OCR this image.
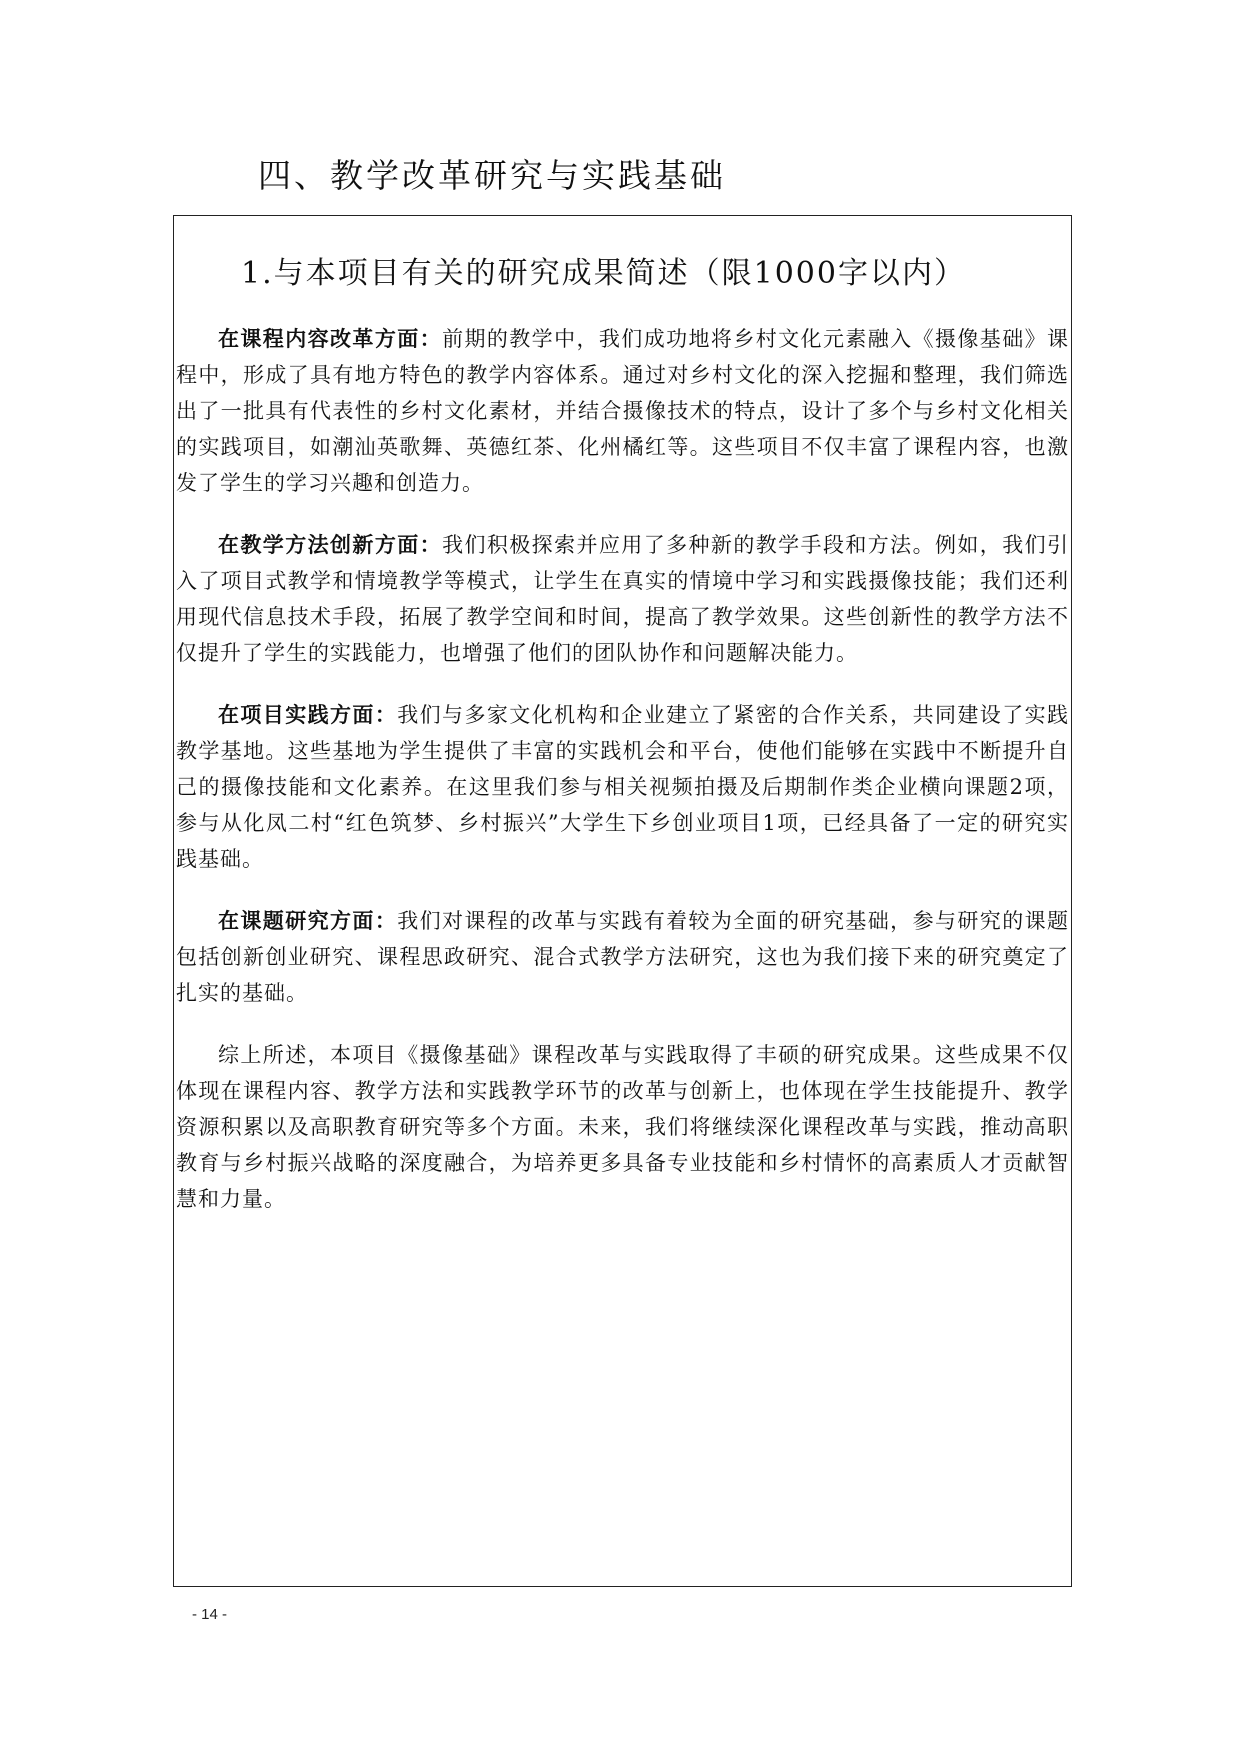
四、教学改革研究与实践基础
1.与本项目有关的研究成果简述（限1000字以内）

在课程内容改革方面：前期的教学中，我们成功地将乡村文化元素融入《摄像基础》课程中，形成了具有地方特色的教学内容体系。通过对乡村文化的深入挖掘和整理，我们筛选出了一批具有代表性的乡村文化素材，并结合摄像技术的特点，设计了多个与乡村文化相关的实践项目，如潮汕英歌舞、英德红茶、化州橘红等。这些项目不仅丰富了课程内容，也激发了学生的学习兴趣和创造力。

在教学方法创新方面：我们积极探索并应用了多种新的教学手段和方法。例如，我们引入了项目式教学和情境教学等模式，让学生在真实的情境中学习和实践摄像技能；我们还利用现代信息技术手段，拓展了教学空间和时间，提高了教学效果。这些创新性的教学方法不仅提升了学生的实践能力，也增强了他们的团队协作和问题解决能力。

在项目实践方面：我们与多家文化机构和企业建立了紧密的合作关系，共同建设了实践教学基地。这些基地为学生提供了丰富的实践机会和平台，使他们能够在实践中不断提升自己的摄像技能和文化素养。在这里我们参与相关视频拍摄及后期制作类企业横向课题2项，参与从化凤二村“红色筑梦、乡村振兴”大学生下乡创业项目1项，已经具备了一定的研究实践基础。

在课题研究方面：我们对课程的改革与实践有着较为全面的研究基础，参与研究的课题包括创新创业研究、课程思政研究、混合式教学方法研究，这也为我们接下来的研究奠定了扎实的基础。

综上所述，本项目《摄像基础》课程改革与实践取得了丰硕的研究成果。这些成果不仅体现在课程内容、教学方法和实践教学环节的改革与创新上，也体现在学生技能提升、教学资源积累以及高职教育研究等多个方面。未来，我们将继续深化课程改革与实践，推动高职教育与乡村振兴战略的深度融合，为培养更多具备专业技能和乡村情怀的高素质人才贡献智慧和力量。

- 14 -
